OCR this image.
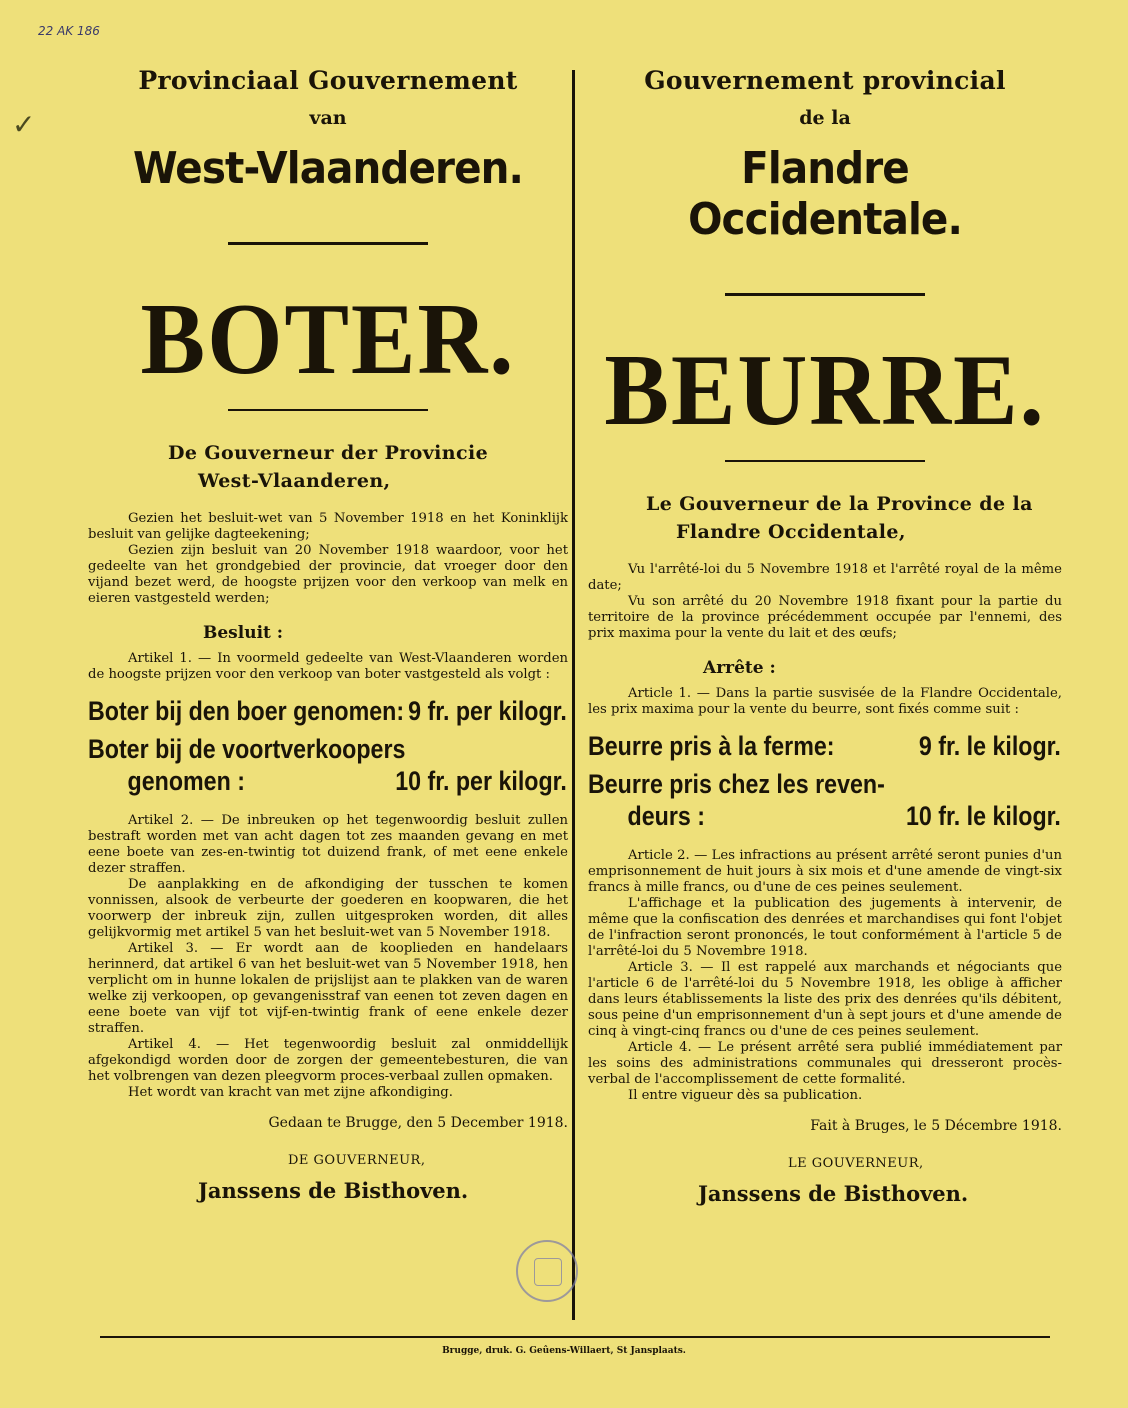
22 AK 186
✓
Provinciaal Gouvernement
van
West-Vlaanderen.
BOTER.
De Gouverneur der Provincie
West-Vlaanderen,

Gezien het besluit-wet van 5 November 1918 en het Koninklijk besluit van gelijke dagteekening;

Gezien zijn besluit van 20 November 1918 waardoor, voor het gedeelte van het grondgebied der provincie, dat vroeger door den vijand bezet werd, de hoogste prijzen voor den verkoop van melk en eieren vastgesteld werden;

Besluit :

Artikel 1. — In voormeld gedeelte van West-Vlaanderen worden de hoogste prijzen voor den verkoop van boter vastgesteld als volgt :

Boter bij den boer genomen: 9 fr. per kilogr.
Boter bij de voortverkoopers
genomen :	10 fr. per kilogr.

Artikel 2. — De inbreuken op het tegenwoordig besluit zullen bestraft worden met van acht dagen tot zes maanden gevang en met eene boete van zes-en-twintig tot duizend frank, of met eene enkele dezer straffen.

De aanplakking en de afkondiging der tusschen te komen vonnissen, alsook de verbeurte der goederen en koopwaren, die het voorwerp der inbreuk zijn, zullen uitgesproken worden, dit alles gelijkvormig met artikel 5 van het besluit-wet van 5 November 1918.

Artikel 3. — Er wordt aan de kooplieden en handelaars herinnerd, dat artikel 6 van het besluit-wet van 5 November 1918, hen verplicht om in hunne lokalen de prijslijst aan te plakken van de waren welke zij verkoopen, op gevangenisstraf van eenen tot zeven dagen en eene boete van vijf tot vijf-en-twintig frank of eene enkele dezer straffen.

Artikel 4. — Het tegenwoordig besluit zal onmiddellijk afgekondigd worden door de zorgen der gemeentebesturen, die van het volbrengen van dezen pleegvorm proces-verbaal zullen opmaken.

Het wordt van kracht van met zijne afkondiging.

Gedaan te Brugge, den 5 December 1918.
DE GOUVERNEUR,
Janssens de Bisthoven.
Gouvernement provincial
de la
Flandre Occidentale.
BEURRE.
Le Gouverneur de la Province de la
Flandre Occidentale,

Vu l'arrêté-loi du 5 Novembre 1918 et l'arrêté royal de la même date;

Vu son arrêté du 20 Novembre 1918 fixant pour la partie du territoire de la province précédemment occupée par l'ennemi, des prix maxima pour la vente du lait et des œufs;

Arrête :

Article 1. — Dans la partie susvisée de la Flandre Occidentale, les prix maxima pour la vente du beurre, sont fixés comme suit :

Beurre pris à la ferme:	9 fr. le kilogr.
Beurre pris chez les reven-
deurs :	10 fr. le kilogr.

Article 2. — Les infractions au présent arrêté seront punies d'un emprisonnement de huit jours à six mois et d'une amende de vingt-six francs à mille francs, ou d'une de ces peines seulement.

L'affichage et la publication des jugements à intervenir, de même que la confiscation des denrées et marchandises qui font l'objet de l'infraction seront prononcés, le tout conformément à l'article 5 de l'arrêté-loi du 5 Novembre 1918.

Article 3. — Il est rappelé aux marchands et négociants que l'article 6 de l'arrêté-loi du 5 Novembre 1918, les oblige à afficher dans leurs établissements la liste des prix des denrées qu'ils débitent, sous peine d'un emprisonnement d'un à sept jours et d'une amende de cinq à vingt-cinq francs ou d'une de ces peines seulement.

Article 4. — Le présent arrêté sera publié immédiatement par les soins des administrations communales qui dresseront procès-verbal de l'accomplissement de cette formalité.

Il entre vigueur dès sa publication.

Fait à Bruges, le 5 Décembre 1918.
LE GOUVERNEUR,
Janssens de Bisthoven.
Brugge, druk. G. Geûens-Willaert, St Jansplaats.
